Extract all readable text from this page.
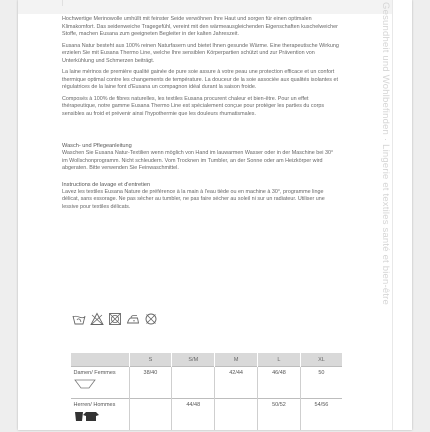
Hochwertige Merinowolle umhüllt mit feinster Seide verwöhnen Ihre Haut und sorgen für einen optimalen Klimakomfort. Das seidenweiche Tragegefühl, vereint mit den wärmeausgleichenden Eigenschaften kuschelweicher Stoffe, machen Eusana zum geeigneten Begleiter in der kalten Jahreszeit.

Eusana Natur besteht aus 100% reinen Naturfasern und bietet Ihnen gesunde Wärme. Eine therapeutische Wirkung erzielen Sie mit Eusana Thermo Line, welche Ihre sensiblen Körperpartien schützt und zur Prävention von Unterkühlung und Schmerzen beiträgt.

La laine mérinos de première qualité gainée de pure soie assure à votre peau une protection efficace et un confort thermique optimal contre les changements de température. La douceur de la soie associée aux qualités isolantes et régulatrices de la laine font d'Eusana un compagnon idéal durant la saison froide.

Composés à 100% de fibres naturelles, les textiles Eusana procurent chaleur et bien-être. Pour un effet thérapeutique, notre gamme Eusana Thermo Line est spécialement conçue pour protéger les parties du corps sensibles au froid et prévenir ainsi l'hypothermie que les douleurs rhumatismales.

Wasch- und Pflegeanleitung

Waschen Sie Eusana Natur-Textilien wenn möglich von Hand im lauwarmen Wasser oder in der Maschine bei 30° im Wollschonprogramm. Nicht schleudern. Vom Trocknen im Tumbler, an der Sonne oder am Heizkörper wird abgeraten. Bitte verwenden Sie Feinwaschmittel.

Instructions de lavage et d'entretien

Lavez les textiles Eusana Nature de préférence à la main à l'eau tiède ou en machine à 30°, programme linge délicat, sans essorage. Ne pas sécher au tumbler, ne pas faire sécher au soleil ni sur un radiateur. Utiliser une lessive pour textiles délicats.

	S	S/M	M	L	XL

Damen/ Femmes	38/40		42/44	46/48	50

Herren/ Hommes		44/48		50/52	54/56

Gesundheit und Wohlbefinden · Lingerie et textiles santé et bien-être
